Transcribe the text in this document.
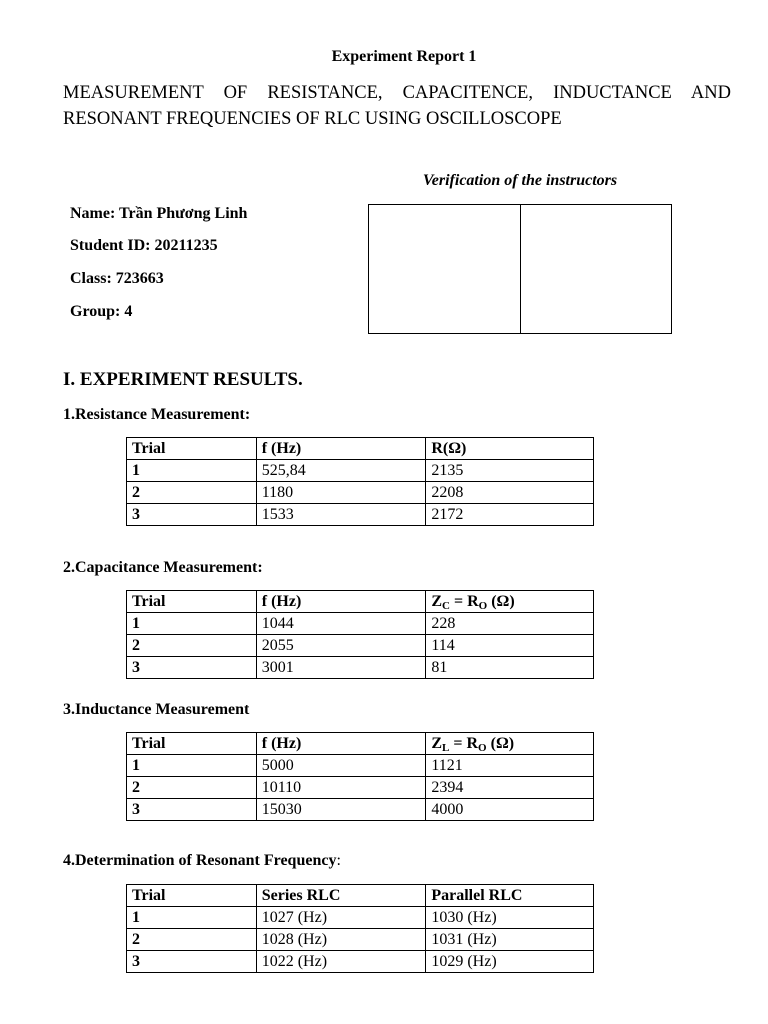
Experiment Report 1
MEASUREMENT OF RESISTANCE, CAPACITENCE, INDUCTANCE AND RESONANT FREQUENCIES OF RLC USING OSCILLOSCOPE
Verification of the instructors
Name: Trần Phương Linh
Student ID: 20211235
Class: 723663
Group: 4
I. EXPERIMENT RESULTS.
1.Resistance Measurement:
Trial	f (Hz)	R(Ω)
1	525,84	2135
2	1180	2208
3	1533	2172
2.Capacitance Measurement:
Trial	f (Hz)	$Z_C = R_O$ (Ω)
1	1044	228
2	2055	114
3	3001	81
3.Inductance Measurement
Trial	f (Hz)	$Z_L = R_O$ (Ω)
1	5000	1121
2	10110	2394
3	15030	4000
4.Determination of Resonant Frequency:
Trial	Series RLC	Parallel RLC
1	1027 (Hz)	1030 (Hz)
2	1028 (Hz)	1031 (Hz)
3	1022 (Hz)	1029 (Hz)
